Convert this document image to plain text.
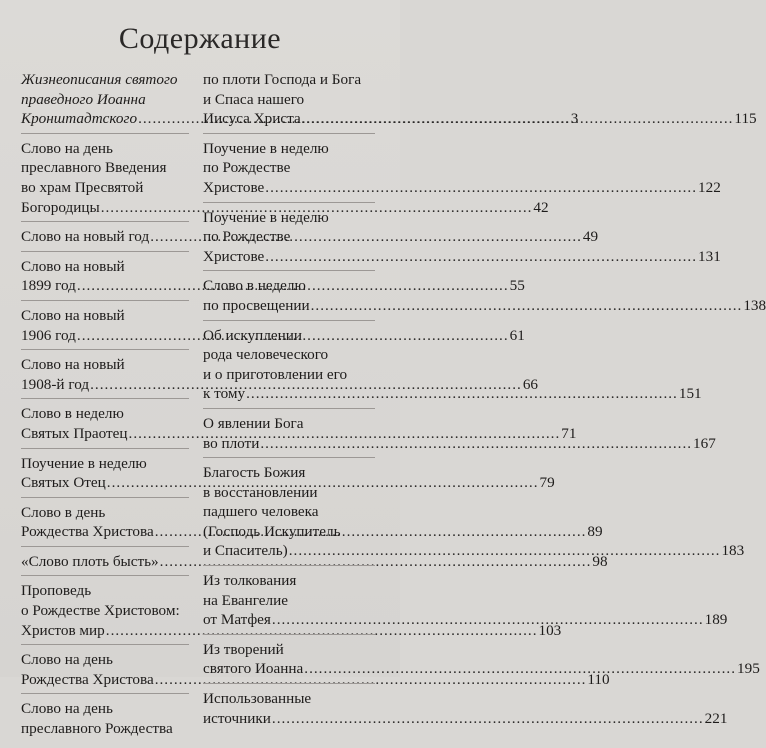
Содержание
Жизнеописания святого
праведного Иоанна
Кронштадтского .....	3
Слово на день
преславного Введения
во храм Пресвятой
Богородицы .....	42
Слово на новый год .....	49
Слово на новый
1899 год .....	55
Слово на новый
1906 год .....	61
Слово на новый
1908-й год .....	66
Слово в неделю
Святых Праотец .....	71
Поучение в неделю
Святых Отец .....	79
Слово в день
Рождества Христова .....	89
«Слово плоть бысть» .....	98
Проповедь
о Рождестве Христовом:
Христов мир .....	103
Слово на день
Рождества Христова .....	110
Слово на день
преславного Рождества
по плоти Господа и Бога
и Спаса нашего
Иисуса Христа .....	115
Поучение в неделю
по Рождестве
Христове .....	122
Поучение в неделю
по Рождестве
Христове .....	131
Слово в неделю
по просвещении .....	138
Об искуплении
рода человеческого
и о приготовлении его
к тому .....	151
О явлении Бога
во плоти .....	167
Благость Божия
в восстановлении
падшего человека
(Господь Искупитель
и Спаситель) .....	183
Из толкования
на Евангелие
от Матфея .....	189
Из творений
святого Иоанна .....	195
Использованные
источники .....	221
